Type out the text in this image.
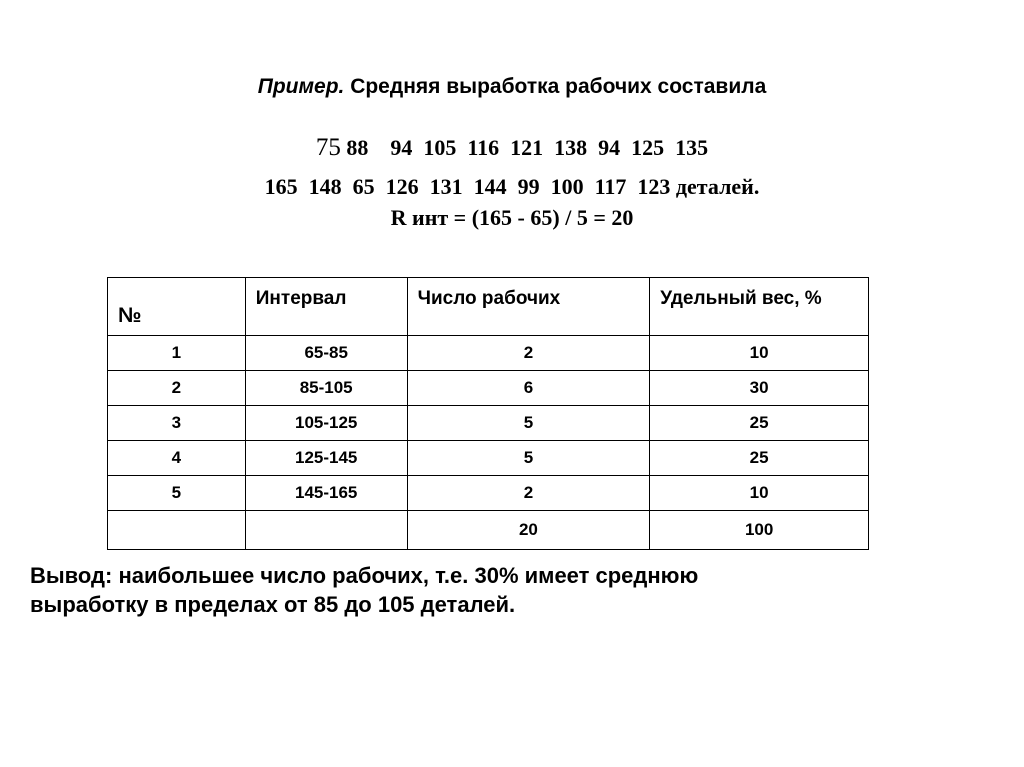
Пример. Средняя выработка рабочих составила
75 88    94  105  116  121  138  94  125  135
165  148  65  126  131  144  99  100  117  123 деталей.
R инт = (165 - 65) / 5 = 20
№	Интервал	Число рабочих	Удельный вес, %
1	65-85	2	10
2	85-105	6	30
3	105-125	5	25
4	125-145	5	25
5	145-165	2	10
		20	100
Вывод: наибольшее число рабочих, т.е. 30% имеет среднюю
выработку в пределах от 85 до 105 деталей.
